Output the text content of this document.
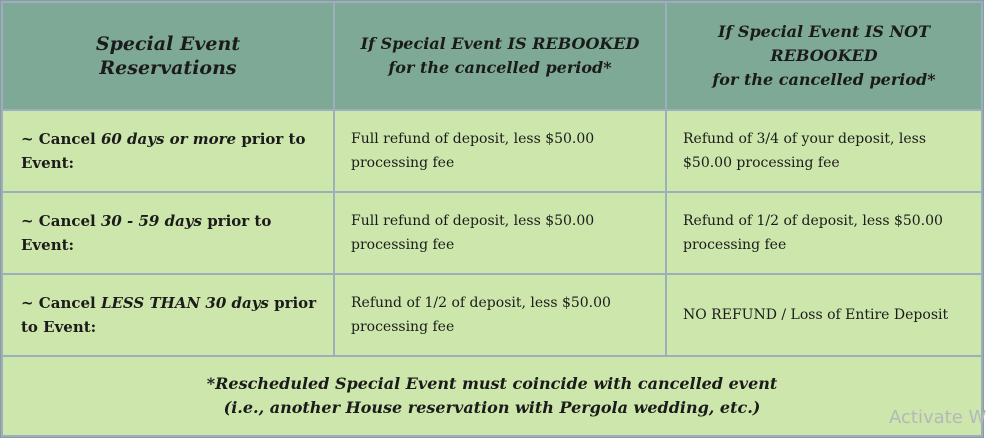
Special Event
Reservations
If Special Event IS REBOOKED
for the cancelled period*
If Special Event IS NOT
REBOOKED
for the cancelled period*
~ Cancel 60 days or more prior to Event:
Full refund of deposit, less $50.00 processing fee
Refund of 3/4 of your deposit, less $50.00 processing fee
~ Cancel 30 - 59 days prior to Event:
Full refund of deposit, less $50.00 processing fee
Refund of 1/2 of deposit, less $50.00 processing fee
~ Cancel LESS THAN 30 days prior to Event:
Refund of 1/2 of deposit, less $50.00 processing fee
NO REFUND / Loss of Entire Deposit
*Rescheduled Special Event must coincide with cancelled event
(i.e., another House reservation with Pergola wedding, etc.)	Activate W
